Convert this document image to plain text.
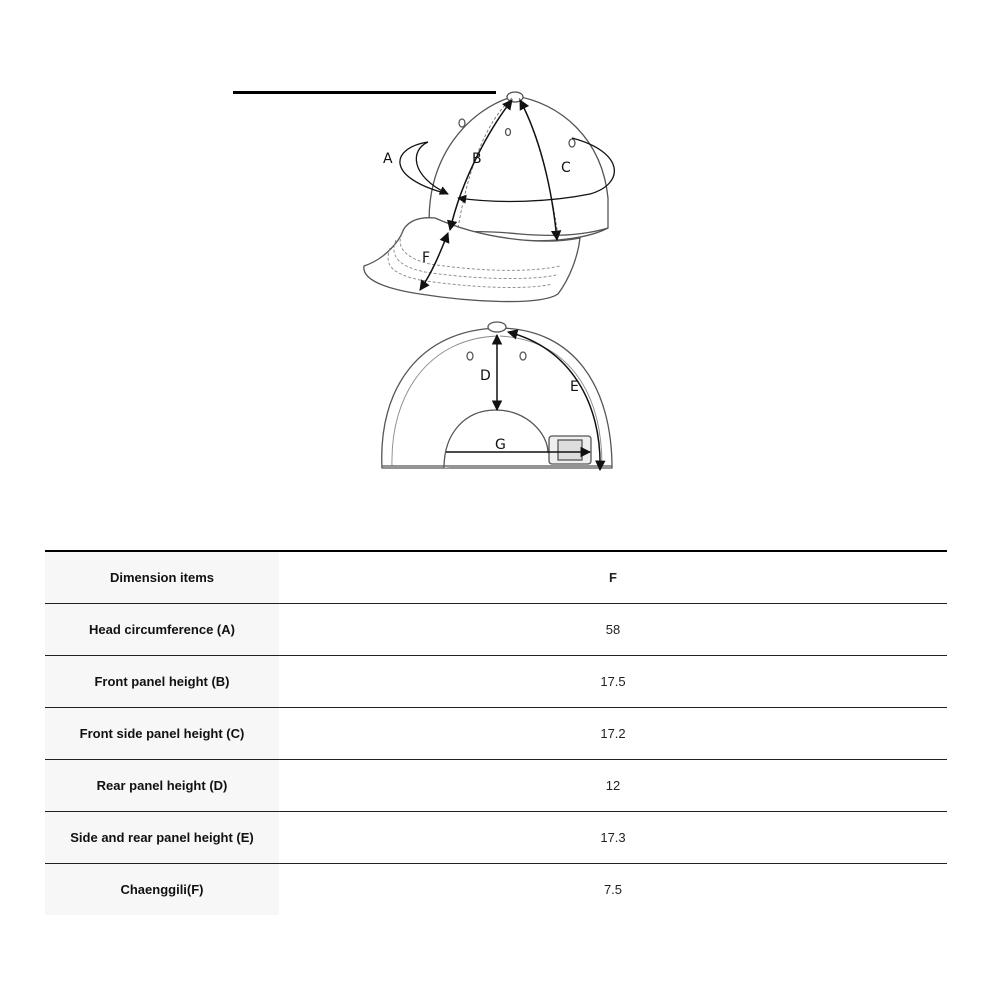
A	B
C
F
D
E
G
Dimension items	F
Head circumference (A)	58
Front panel height (B)	17.5
Front side panel height (C)	17.2
Rear panel height (D)	12
Side and rear panel height (E)	17.3
Chaenggili(F)	7.5
